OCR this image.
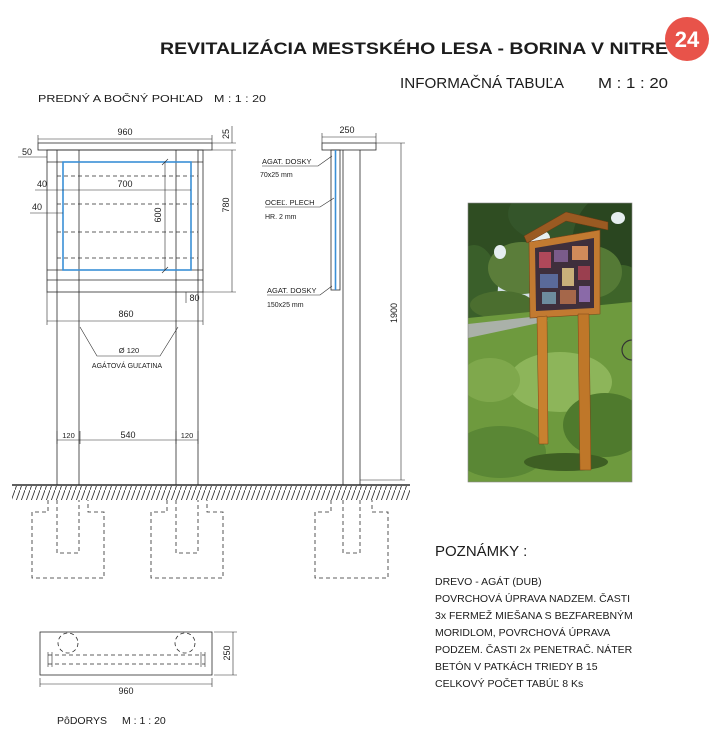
REVITALIZÁCIA MESTSKÉHO LESA - BORINA V NITRE	24
INFORMAČNÁ TABUĽA M : 1 : 20
PREDNÝ A BOČNÝ POHĽAD	M : 1 : 20
600
700
50
40
40
960	25
780
80
860
Ø 120
AGÁTOVÁ GUĽATINA
120	540	120
250
AGAT. DOSKY
70x25 mm
OCEĽ. PLECH
HR. 2 mm
AGAT. DOSKY
150x25 mm	1900
POZNÁMKY :
DREVO - AGÁT (DUB)
POVRCHOVÁ ÚPRAVA NADZEM. ČASTI
3x FERMEŽ MIEŠANA S BEZFAREBNÝM
MORIDLOM, POVRCHOVÁ ÚPRAVA
PODZEM. ČASTI 2x PENETRAČ. NÁTER
BETÓN V PATKÁCH TRIEDY B 15
CELKOVÝ POČET TABÚĽ 8 Ks
250
960
PôDORYS M : 1 : 20
